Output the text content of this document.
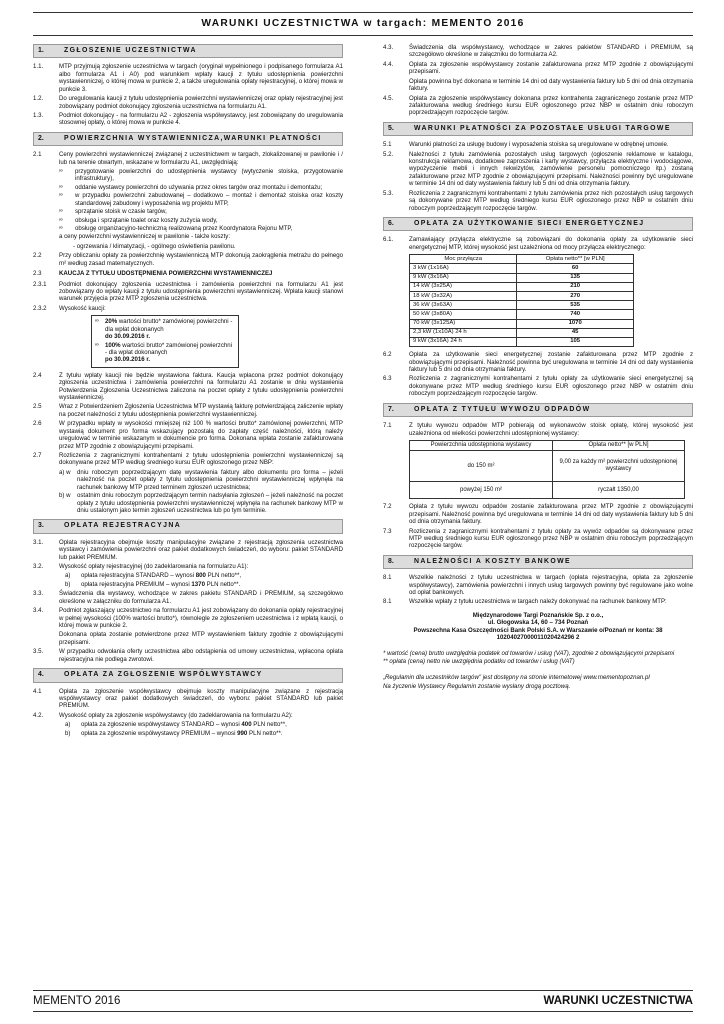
WARUNKI UCZESTNICTWA w targach: MEMENTO 2016
1.	ZGŁOSZENIE UCZESTNICTWA
1.1.	MTP przyjmują zgłoszenie uczestnictwa w targach (oryginał wypełnionego i podpisanego formularza A1 albo formularza A1 i A0) pod warunkiem wpłaty kaucji z tytułu udostępnienia powierzchni wystawienniczej, o której mowa w punkcie 2, a także uregulowania opłaty rejestracyjnej, o której mowa w punkcie 3.
1.2.	Do uregulowania kaucji z tytułu udostępnienia powierzchni wystawienniczej oraz opłaty rejestracyjnej jest zobowiązany podmiot dokonujący zgłoszenia uczestnictwa na formularzu A1.
1.3.	Podmiot dokonujący - na formularzu A2 - zgłoszenia współwystawcy, jest zobowiązany do uregulowania stosownej opłaty, o której mowa w punkcie 4.
2.	POWIERZCHNIA WYSTAWIENNICZA,WARUNKI PŁATNOŚCI
2.1	Ceny powierzchni wystawienniczej związanej z uczestnictwem w targach, zlokalizowanej w pawilonie i / lub na terenie otwartym, wskazane w formularzu A1, uwzględniają:
∞	przygotowanie powierzchni do udostępnienia wystawcy (wytyczenie stoiska, przygotowanie infrastruktury),
∞	oddanie wystawcy powierzchni do używania przez okres targów oraz montażu i demontażu;
∞	w przypadku powierzchni zabudowanej – dodatkowo – montaż i demontaż stoiska oraz koszty standardowej zabudowy i wyposażenia wg projektu MTP,
∞	sprzątanie stoisk w czasie targów,
∞	obsługa i sprzątanie toalet oraz koszty zużycia wody,
∞	obsługę organizacyjno-techniczną realizowaną przez Koordynatora Rejonu MTP,
a ceny powierzchni wystawienniczej w pawilonie - także koszty:
- ogrzewania / klimatyzacji, - ogólnego oświetlenia pawilonu.
2.2	Przy obliczaniu opłaty za powierzchnię wystawienniczą MTP dokonują zaokrąglenia metrażu do pełnego m² według zasad matematycznych.
2.3	KAUCJA Z TYTUŁU UDOSTĘPNIENIA POWIERZCHNI WYSTAWIENNICZEJ
2.3.1	Podmiot dokonujący zgłoszenia uczestnictwa i zamówienia powierzchni na formularzu A1 jest zobowiązany do wpłaty kaucji z tytułu udostępnienia powierzchni wystawienniczej. Wpłata kaucji stanowi warunek przyjęcia przez MTP zgłoszenia uczestnictwa.
2.3.2	Wysokość kaucji:
∞ 20% wartości brutto* zamówionej powierzchni - dla wpłat dokonanych
do 30.09.2016 r.
∞ 100% wartości brutto* zamówionej powierzchni - dla wpłat dokonanych
po 30.09.2016 r.
2.4	Z tytułu wpłaty kaucji nie będzie wystawiona faktura. Kaucja wpłacona przez podmiot dokonujący zgłoszenia uczestnictwa i zamówienia powierzchni na formularzu A1 zostanie w dniu wystawienia Potwierdzenia Zgłoszenia Uczestnictwa zaliczona na poczet opłaty z tytułu udostępnienia powierzchni wystawienniczej.
2.5	Wraz z Potwierdzeniem Zgłoszenia Uczestnictwa MTP wystawią fakturę potwierdzającą zaliczenie wpłaty na poczet należności z tytułu udostępnienia powierzchni wystawienniczej.
2.6	W przypadku wpłaty w wysokości mniejszej niż 100 % wartości brutto* zamówionej powierzchni, MTP wystawią dokument pro forma wskazujący pozostałą do zapłaty część należności, którą należy uregulować w terminie wskazanym w dokumencie pro forma. Dokonana wpłata zostanie zafakturowana przez MTP zgodnie z obowiązującymi przepisami.
2.7	Rozliczenia z zagranicznymi kontrahentami z tytułu udostępnienia powierzchni wystawienniczej są dokonywane przez MTP według średniego kursu EUR ogłoszonego przez NBP:
a) w	dniu roboczym poprzedzającym datę wystawienia faktury albo dokumentu pro forma – jeżeli należność na poczet opłaty z tytułu udostępnienia powierzchni wystawienniczej wpłynęła na rachunek bankowy MTP przed terminem zgłoszeń uczestnictwa;
b) w	ostatnim dniu roboczym poprzedzającym termin nadsyłania zgłoszeń – jeżeli należność na poczet opłaty z tytułu udostępnienia powierzchni wystawienniczej wpłynęła na rachunek bankowy MTP w dniu ustalonym jako termin zgłoszeń uczestnictwa lub po tym terminie.
3.	OPŁATA REJESTRACYJNA
3.1.	Opłata rejestracyjna obejmuje koszty manipulacyjne związane z rejestracją zgłoszenia uczestnictwa wystawcy i zamówienia powierzchni oraz pakiet dodatkowych świadczeń, do wyboru: pakiet STANDARD lub pakiet PREMIUM.
3.2.	Wysokość opłaty rejestracyjnej (do zadeklarowania na formularzu A1):
a)	opłata rejestracyjna STANDARD – wynosi 800 PLN netto**,
b)	opłata rejestracyjna PREMIUM – wynosi 1370 PLN netto**.
3.3.	Świadczenia dla wystawcy, wchodzące w zakres pakietu STANDARD i PREMIUM, są szczegółowo określone w załączniku do formularza A1.
3.4.	Podmiot zgłaszający uczestnictwo na formularzu A1 jest zobowiązany do dokonania opłaty rejestracyjnej w pełnej wysokości (100% wartości brutto*), równolegle ze zgłoszeniem uczestnictwa i z wpłatą kaucji, o której mowa w punkcie 2.
Dokonana opłata zostanie potwierdzone przez MTP wystawieniem faktury zgodnie z obowiązującymi przepisami.
3.5.	W przypadku odwołania oferty uczestnictwa albo odstąpienia od umowy uczestnictwa, wpłacona opłata rejestracyjna nie podlega zwrotowi.
4.	OPŁATA ZA ZGŁOSZENIE WSPÓŁWYSTAWCY
4.1	Opłata za zgłoszenie współwystawcy obejmuje koszty manipulacyjne związane z rejestracją współwystawcy oraz pakiet dodatkowych świadczeń, do wyboru: pakiet STANDARD lub pakiet PREMIUM.
4.2.	Wysokość opłaty za zgłoszenie współwystawcy (do zadeklarowania na formularzu A2):
a)	opłata za zgłoszenie współwystawcy STANDARD – wynosi 400 PLN netto**,
b)	opłata za zgłoszenie współwystawcy PREMIUM – wynosi 990 PLN netto**.
4.3.	Świadczenia dla współwystawcy, wchodzące w zakres pakietów STANDARD i PREMIUM, są szczegółowo określone w załączniku do formularza A2.
4.4.	Opłata za zgłoszenie współwystawcy zostanie zafakturowana przez MTP zgodnie z obowiązującymi przepisami.
Opłata powinna być dokonana w terminie 14 dni od daty wystawienia faktury lub 5 dni od dnia otrzymania faktury.
4.5.	Opłata za zgłoszenie współwystawcy dokonana przez kontrahenta zagranicznego zostanie przez MTP zafakturowana według średniego kursu EUR ogłoszonego przez NBP w ostatnim dniu roboczym poprzedzającym rozpoczęcie targów.
5.	WARUNKI PŁATNOŚCI ZA POZOSTAŁE USŁUGI TARGOWE
5.1	Warunki płatności za usługę budowy i wyposażenia stoiska są uregulowane w odrębnej umowie.
5.2.	Należności z tytułu zamówienia pozostałych usług targowych (ogłoszenie reklamowe w katalogu, konstrukcja reklamowa, dodatkowe zaproszenia i karty wystawcy, przyłącza elektryczne i wodociągowe, wypożyczenie mebli i innych rekwizytów, zamówienie personelu pomocniczego itp.) zostaną zafakturowane przez MTP zgodnie z obowiązującymi przepisami. Należności powinny być uregulowane w terminie 14 dni od daty wystawienia faktury lub 5 dni od dnia otrzymania faktury.
5.3.	Rozliczenia z zagranicznymi kontrahentami z tytułu zamówienia przez nich pozostałych usług targowych są dokonywane przez MTP według średniego kursu EUR ogłoszonego przez NBP w ostatnim dniu roboczym poprzedzającym rozpoczęcie targów.
6.	OPŁATA ZA UŻYTKOWANIE SIECI ENERGETYCZNEJ
6.1.	Zamawiający przyłącza elektryczne są zobowiązani do dokonania opłaty za użytkowanie sieci energetycznej MTP, której wysokość jest uzależniona od mocy przyłącza elektrycznego:
Moc przyłącza	Opłata netto** [w PLN]
3 kW (1x16A)	60
9 kW (3x16A)	135
14 kW (3x25A)	210
18 kW (3x32A)	270
36 kW (3x63A)	535
50 kW (3x80A)	740
70 kW (3x125A)	1070
2,3 kW (1x10A) 24 h	45
9 kW (3x16A) 24 h	105
6.2	Opłata za użytkowanie sieci energetycznej zostanie zafakturowana przez MTP zgodnie z obowiązującymi przepisami. Należność powinna być uregulowana w terminie 14 dni od daty wystawienia faktury lub 5 dni od dnia otrzymania faktury.
6.3	Rozliczenia z zagranicznymi kontrahentami z tytułu opłaty za użytkowanie sieci energetycznej są dokonywane przez MTP według średniego kursu EUR ogłoszonego przez NBP w ostatnim dniu roboczym poprzedzającym rozpoczęcie targów.
7.	OPŁATA Z TYTUŁU WYWOZU ODPADÓW
7.1	Z tytułu wywozu odpadów MTP pobierają od wykonawców stoisk opłatę, której wysokość jest uzależniona od wielkości powierzchni udostępnionej wystawcy:
Powierzchnia udostępniona wystawcy	Opłata netto** [w PLN]
do 150 m²	9,00 za każdy m² powierzchni udostępnionej wystawcy
powyżej 150 m²	ryczałt 1350,00
7.2	Opłata z tytułu wywozu odpadów zostanie zafakturowana przez MTP zgodnie z obowiązującymi przepisami. Należność powinna być uregulowana w terminie 14 dni od daty wystawienia faktury lub 5 dni od dnia otrzymania faktury.
7.3	Rozliczenia z zagranicznymi kontrahentami z tytułu opłaty za wywóz odpadów są dokonywane przez MTP według średniego kursu EUR ogłoszonego przez NBP w ostatnim dniu roboczym poprzedzającym rozpoczęcie targów.
8.	NALEŻNOŚCI A KOSZTY BANKOWE
8.1	Wszelkie należności z tytułu uczestnictwa w targach (opłata rejestracyjna, opłata za zgłoszenie współwystawcy), zamówienia powierzchni i innych usług targowych powinny być regulowane jako wolne od opłat bankowych.
8.1	Wszelkie wpłaty z tytułu uczestnictwa w targach należy dokonywać na rachunek bankowy MTP:
Międzynarodowe Targi Poznańskie Sp. z o.o.,
ul. Głogowska 14, 60 – 734 Poznań
Powszechna Kasa Oszczędności Bank Polski S.A. w Warszawie o/Poznań nr konta: 38
10204027000011020424296 2

* wartość (cena) brutto uwzględnia podatek od towarów i usług (VAT), zgodnie z obowiązującymi przepisami

** opłata (cena) netto nie uwzględnia podatku od towarów i usług (VAT)

„Regulamin dla uczestników targów" jest dostępny na stronie internetowej www.mementopoznan.pl

Na życzenie Wystawcy Regulamin zostanie wysłany drogą pocztową.

MEMENTO 2016	WARUNKI UCZESTNICTWA
